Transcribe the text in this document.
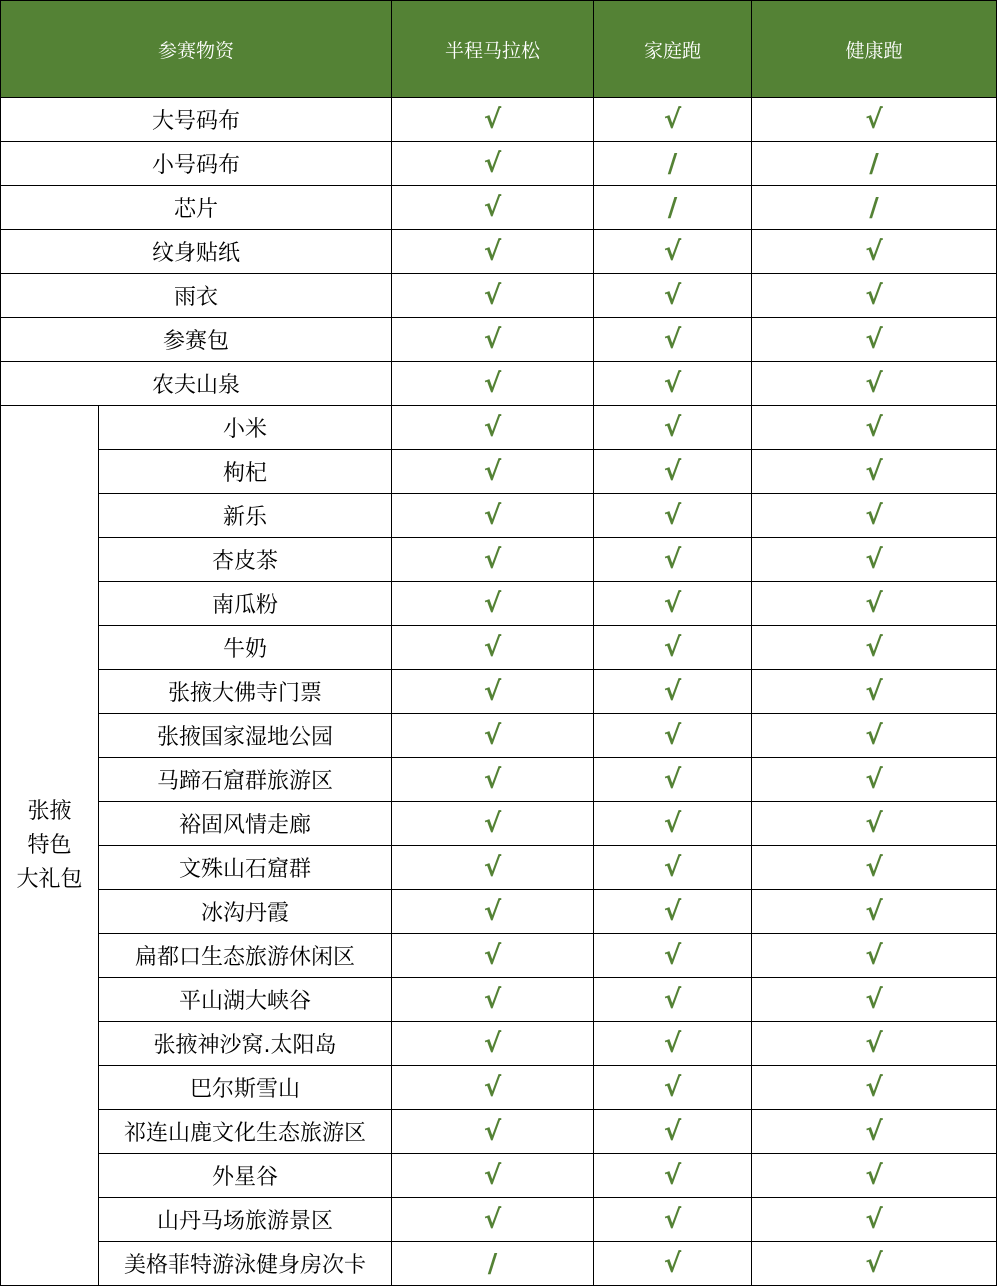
参赛物资		半程马拉松	家庭跑	健康跑
大号码布		√	√	√
小号码布		√	/	/
芯片		√	/	/
纹身贴纸		√	√	√
雨衣		√	√	√
参赛包		√	√	√
农夫山泉		√	√	√

张掖
特色
大礼包	小米	√	√	√
	枸杞	√	√	√
	新乐	√	√	√
	杏皮茶	√	√	√
	南瓜粉	√	√	√
	牛奶	√	√	√
	张掖大佛寺门票	√	√	√
	张掖国家湿地公园	√	√	√
	马蹄石窟群旅游区	√	√	√
	裕固风情走廊	√	√	√
	文殊山石窟群	√	√	√
	冰沟丹霞	√	√	√
	扁都口生态旅游休闲区	√	√	√
	平山湖大峡谷	√	√	√
	张掖神沙窝.太阳岛	√	√	√
	巴尔斯雪山	√	√	√
	祁连山鹿文化生态旅游区	√	√	√
	外星谷	√	√	√
	山丹马场旅游景区	√	√	√
	美格菲特游泳健身房次卡	/	√	√
